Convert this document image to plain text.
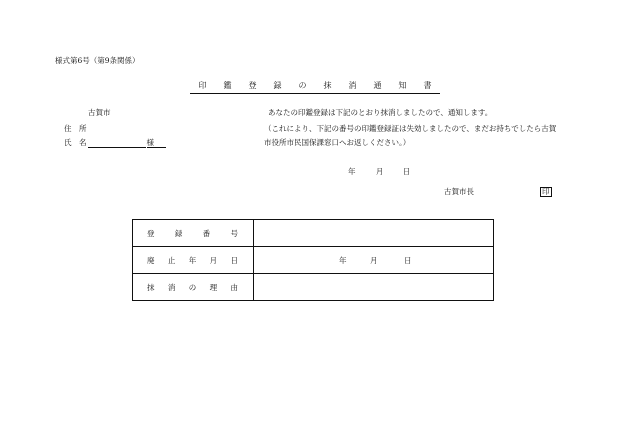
様式第6号（第9条関係）
印	鑑	登	録	の	抹	消	通	知	書
古賀市
住　所
氏　名	様
あなたの印鑑登録は下記のとおり抹消しましたので、通知します。
（これにより、下記の番号の印鑑登録証は失効しましたので、まだお持ちでしたら古賀
市役所市民国保課窓口へお返しください。）
年	月	日
古賀市長	印
登 録 番 号	

廃 止 年 月 日	年 月 日

抹 消 の 理 由	
